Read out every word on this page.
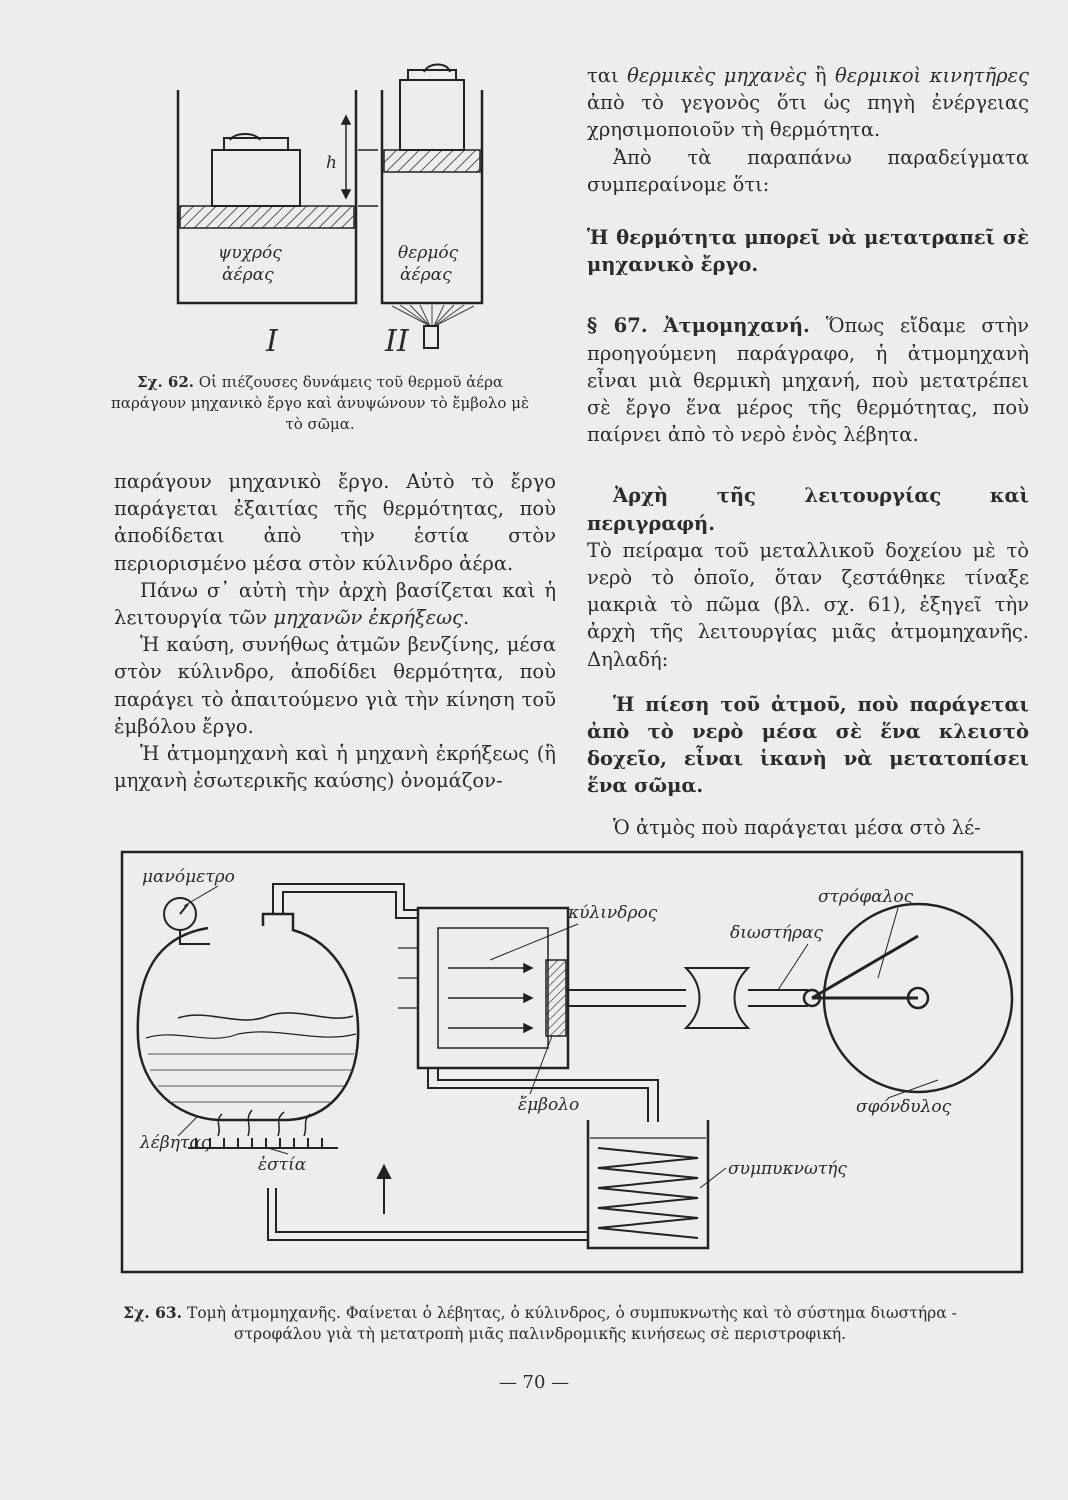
h
ψυχρός
ἀέρας
θερμός
ἀέρας
I	II
Σχ. 62. Οἱ πιέζουσες δυνάμεις τοῦ θερμοῦ ἀέρα παράγουν μηχανικὸ ἔργο καὶ ἀνυψώνουν τὸ ἔμβολο μὲ τὸ σῶμα.

παράγουν μηχανικὸ ἔργο. Αὐτὸ τὸ ἔργο παράγεται ἐξαιτίας τῆς θερμότητας, ποὺ ἀποδίδεται ἀπὸ τὴν ἑστία στὸν περιορισμένο μέσα στὸν κύλινδρο ἀέρα.

Πάνω σ᾽ αὐτὴ τὴν ἀρχὴ βασίζεται καὶ ἡ λειτουργία τῶν μηχανῶν ἐκρήξεως.

Ἡ καύση, συνήθως ἀτμῶν βενζίνης, μέσα στὸν κύλινδρο, ἀποδίδει θερμότητα, ποὺ παράγει τὸ ἀπαιτούμενο γιὰ τὴν κίνηση τοῦ ἐμβόλου ἔργο.

Ἡ ἀτμομηχανὴ καὶ ἡ μηχανὴ ἐκρήξεως (ἢ μηχανὴ ἐσωτερικῆς καύσης) ὀνομάζον-

ται θερμικὲς μηχανὲς ἢ θερμικοὶ κινητῆρες ἀπὸ τὸ γεγονὸς ὅτι ὡς πηγὴ ἐνέργειας χρησιμοποιοῦν τὴ θερμότητα.

Ἀπὸ τὰ παραπάνω παραδείγματα συμπεραίνομε ὅτι:

Ἡ θερμότητα μπορεῖ νὰ μετατραπεῖ σὲ μηχανικὸ ἔργο.

§ 67. Ἀτμομηχανή. Ὅπως εἴδαμε στὴν προηγούμενη παράγραφο, ἡ ἀτμομηχανὴ εἶναι μιὰ θερμικὴ μηχανή, ποὺ μετατρέπει σὲ ἔργο ἕνα μέρος τῆς θερμότητας, ποὺ παίρνει ἀπὸ τὸ νερὸ ἑνὸς λέβητα.

Ἀρχὴ τῆς λειτουργίας καὶ περιγραφή.

Τὸ πείραμα τοῦ μεταλλικοῦ δοχείου μὲ τὸ νερὸ τὸ ὁποῖο, ὅταν ζεστάθηκε τίναξε μακριὰ τὸ πῶμα (βλ. σχ. 61), ἐξηγεῖ τὴν ἀρχὴ τῆς λειτουργίας μιᾶς ἀτμομηχανῆς. Δηλαδή:

Ἡ πίεση τοῦ ἀτμοῦ, ποὺ παράγεται ἀπὸ τὸ νερὸ μέσα σὲ ἕνα κλειστὸ δοχεῖο, εἶναι ἱκανὴ νὰ μετατοπίσει ἕνα σῶμα.

Ὁ ἀτμὸς ποὺ παράγεται μέσα στὸ λέ-

μανόμετρο
κύλινδρος
διωστήρας
στρόφαλος
σφόνδυλος
ἔμβολο
λέβητας
ἑστία	συμπυκνωτής
Σχ. 63. Τομὴ ἀτμομηχανῆς. Φαίνεται ὁ λέβητας, ὁ κύλινδρος, ὁ συμπυκνωτὴς καὶ τὸ σύστημα διωστήρα - στροφάλου γιὰ τὴ μετατροπὴ μιᾶς παλινδρομικῆς κινήσεως σὲ περιστροφική.
— 70 —
